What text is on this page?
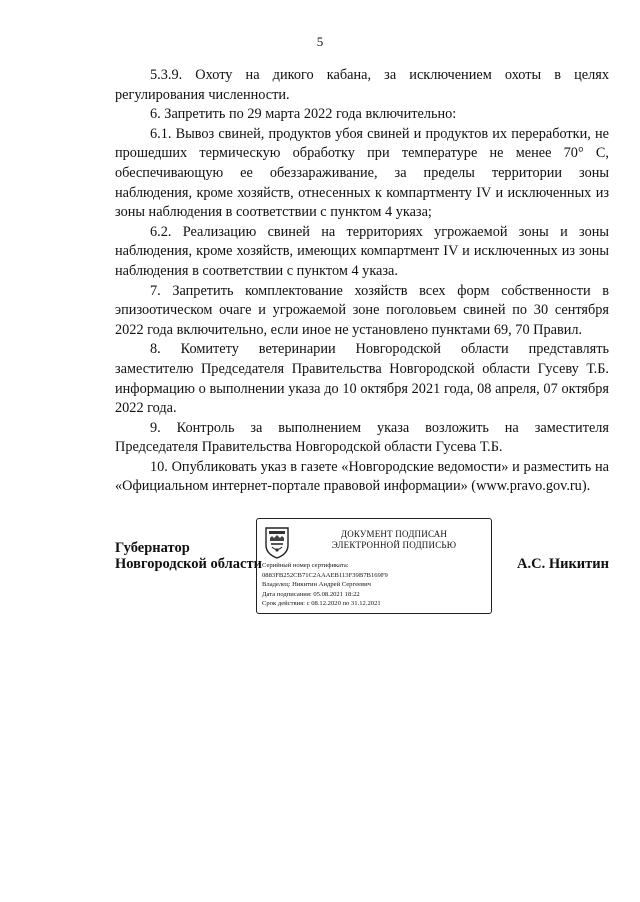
5

5.3.9. Охоту на дикого кабана, за исключением охоты в целях регулирования численности.

6. Запретить по 29 марта 2022 года включительно:

6.1. Вывоз свиней, продуктов убоя свиней и продуктов их переработки, не прошедших термическую обработку при температуре не менее 70° С, обеспечивающую ее обеззараживание, за пределы территории зоны наблюдения, кроме хозяйств, отнесенных к компартменту IV и исключенных из зоны наблюдения в соответствии с пунктом 4 указа;

6.2. Реализацию свиней на территориях угрожаемой зоны и зоны наблюдения, кроме хозяйств, имеющих компартмент IV и исключенных из зоны наблюдения в соответствии с пунктом 4 указа.

7. Запретить комплектование хозяйств всех форм собственности в эпизоотическом очаге и угрожаемой зоне поголовьем свиней по 30 сентября 2022 года включительно, если иное не установлено пунктами 69, 70 Правил.

8. Комитету ветеринарии Новгородской области представлять заместителю Председателя Правительства Новгородской области Гусеву Т.Б. информацию о выполнении указа до 10 октября 2021 года, 08 апреля, 07 октября 2022 года.

9. Контроль за выполнением указа возложить на заместителя Председателя Правительства Новгородской области Гусева Т.Б.

10. Опубликовать указ в газете «Новгородские ведомости» и разместить на «Официальном интернет-портале правовой информации» (www.pravo.gov.ru).

Губернатор
Новгородской области
ДОКУМЕНТ ПОДПИСАН
ЭЛЕКТРОННОЙ ПОДПИСЬЮ
Серийный номер сертификата:
0883FB252CB71C2AAAEB113F39B7B169F9
Владелец: Никитин Андрей Сергеевич
Дата подписания: 05.08.2021 18:22
Срок действия: с 08.12.2020 по 31.12.2021
А.С. Никитин
